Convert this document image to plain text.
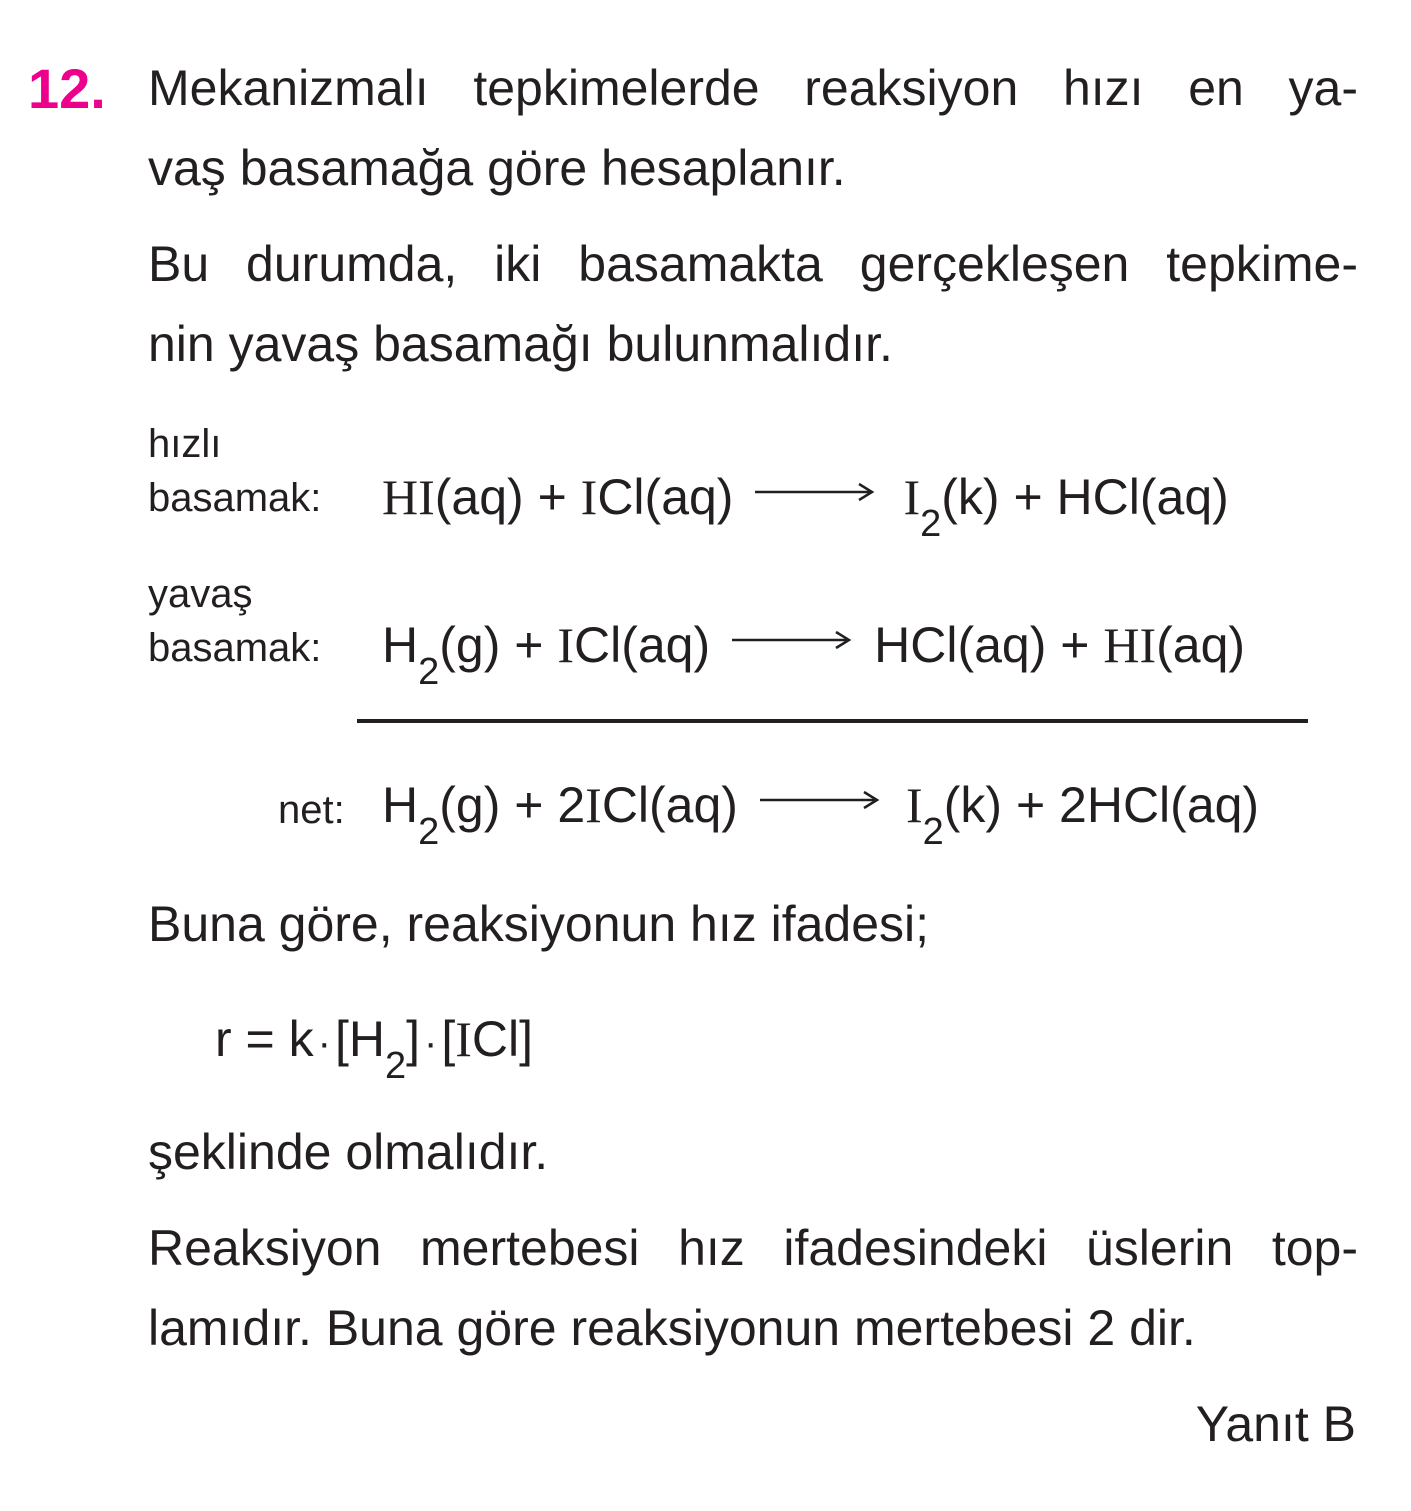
12. Mekanizmalı tepkimelerde reaksiyon hızı en ya-
vaş basamağa göre hesaplanır.
Bu durumda, iki basamakta gerçekleşen tepkime-
nin yavaş basamağı bulunmalıdır.
hızlı
basamak: HI (aq) + I Cl(aq) → I 2 (k) + HCl(aq)
yavaş
basamak: H 2 (g) + I Cl(aq) → HCl(aq) + HI (aq)
net: H 2 (g) + 2 I Cl(aq) → I 2 (k) + 2HCl(aq)
Buna göre, reaksiyonun hız ifadesi;
r = k · [H 2 ] · [ I Cl]
şeklinde olmalıdır.
Reaksiyon mertebesi hız ifadesindeki üslerin top-
lamıdır. Buna göre reaksiyonun mertebesi 2 dir.
Yanıt B
